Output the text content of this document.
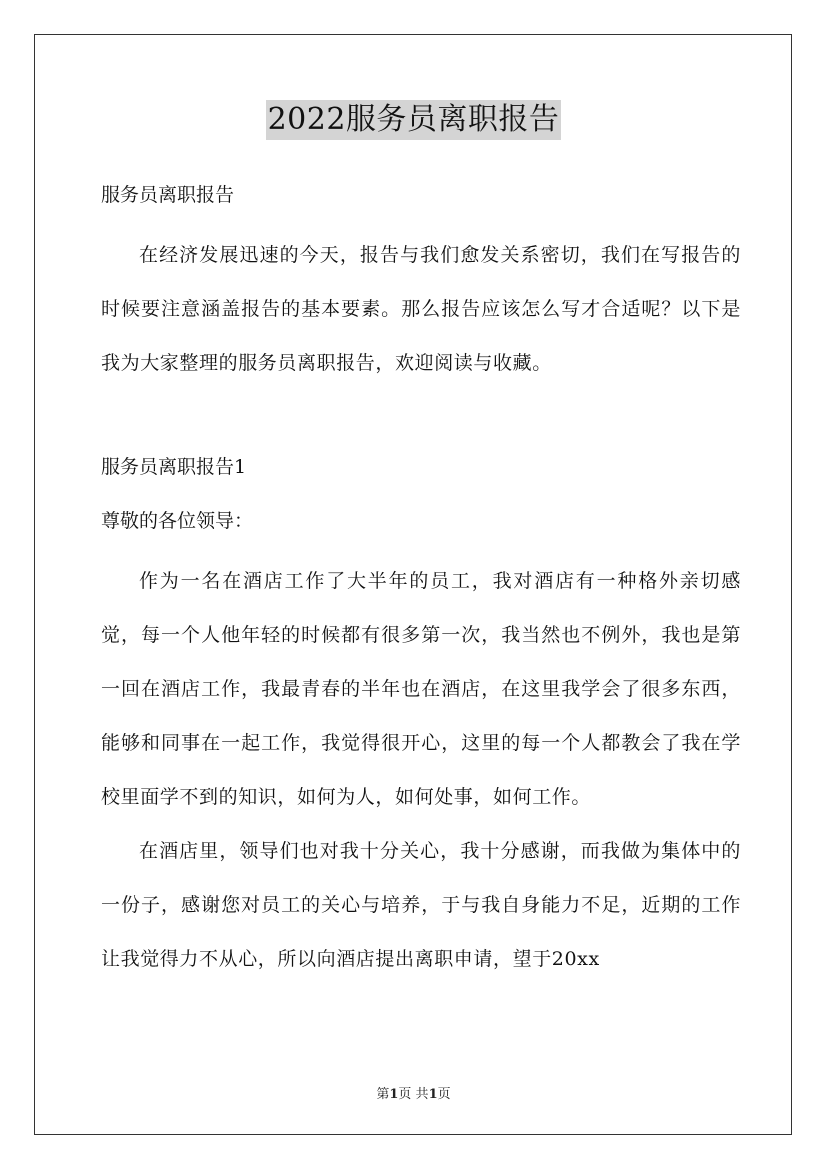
2022服务员离职报告

服务员离职报告

在经济发展迅速的今天，报告与我们愈发关系密切，我们在写报告的时候要注意涵盖报告的基本要素。那么报告应该怎么写才合适呢？以下是我为大家整理的服务员离职报告，欢迎阅读与收藏。

服务员离职报告1

尊敬的各位领导：

作为一名在酒店工作了大半年的员工，我对酒店有一种格外亲切感觉，每一个人他年轻的时候都有很多第一次，我当然也不例外，我也是第一回在酒店工作，我最青春的半年也在酒店，在这里我学会了很多东西，能够和同事在一起工作，我觉得很开心，这里的每一个人都教会了我在学校里面学不到的知识，如何为人，如何处事，如何工作。

在酒店里，领导们也对我十分关心，我十分感谢，而我做为集体中的一份子，感谢您对员工的关心与培养，于与我自身能力不足，近期的工作让我觉得力不从心，所以向酒店提出离职申请，望于20xx

第1页 共1页
